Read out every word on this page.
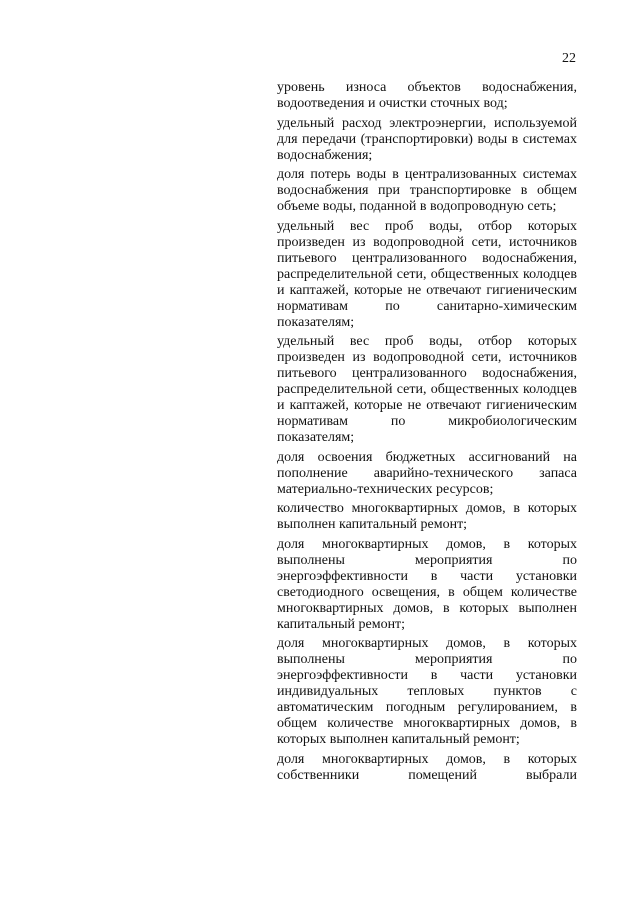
22

уровень износа объектов водоснабжения, водоотведения и очистки сточных вод;

удельный расход электроэнергии, используемой для передачи (транспортировки) воды в системах водоснабжения;

доля потерь воды в централизованных системах водоснабжения при транспортировке в общем объеме воды, поданной в водопроводную сеть;

удельный вес проб воды, отбор которых произведен из водопроводной сети, источников питьевого централизованного водоснабжения, распределительной сети, общественных колодцев и каптажей, которые не отвечают гигиеническим нормативам по санитарно-химическим показателям;

удельный вес проб воды, отбор которых произведен из водопроводной сети, источников питьевого централизованного водоснабжения, распределительной сети, общественных колодцев и каптажей, которые не отвечают гигиеническим нормативам по микробиологическим показателям;

доля освоения бюджетных ассигнований на пополнение аварийно-технического запаса материально-технических ресурсов;

количество многоквартирных домов, в которых выполнен капитальный ремонт;

доля многоквартирных домов, в которых выполнены мероприятия по энергоэффективности в части установки светодиодного освещения, в общем количестве многоквартирных домов, в которых выполнен капитальный ремонт;

доля многоквартирных домов, в которых выполнены мероприятия по энергоэффективности в части установки индивидуальных тепловых пунктов с автоматическим погодным регулированием, в общем количестве многоквартирных домов, в которых выполнен капитальный ремонт;

доля многоквартирных домов, в которых собственники помещений выбрали
